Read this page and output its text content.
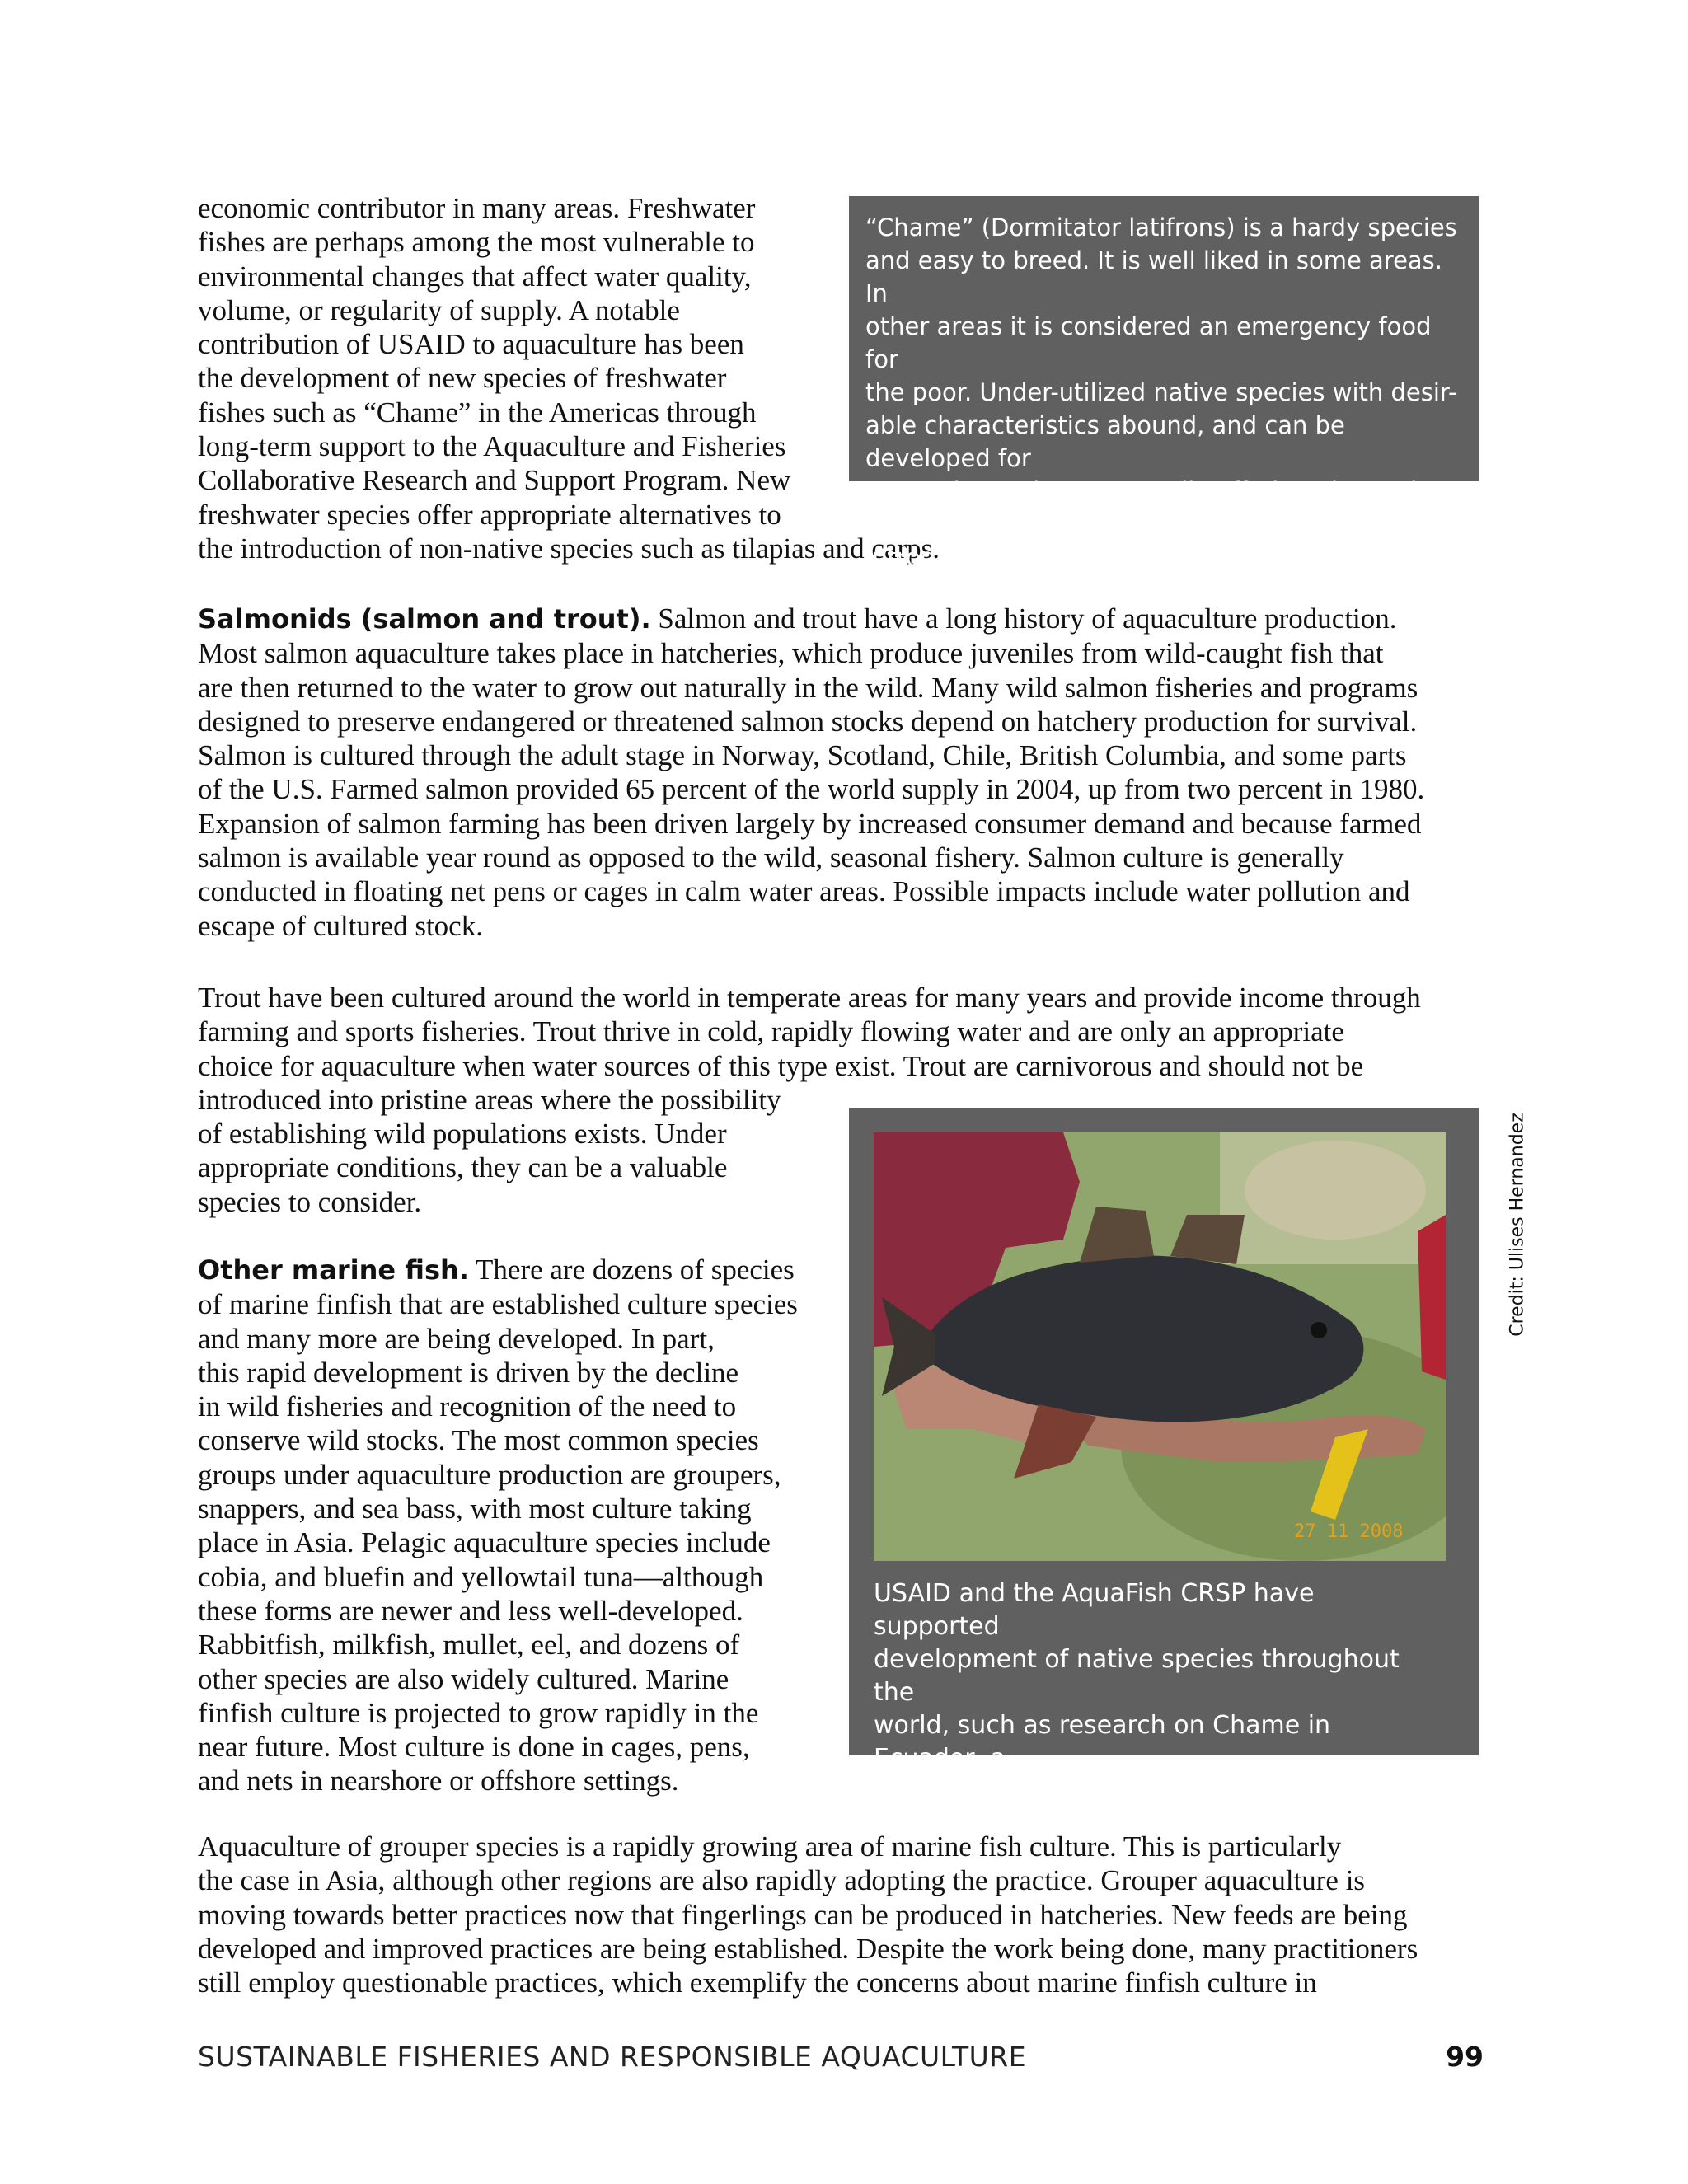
economic contributor in many areas. Freshwater

fishes are perhaps among the most vulnerable to

environmental changes that affect water quality,

volume, or regularity of supply. A notable

contribution of USAID to aquaculture has been

the development of new species of freshwater

fishes such as “Chame” in the Americas through

long-term support to the Aquaculture and Fisheries

Collaborative Research and Support Program. New

freshwater species offer appropriate alternatives to

the introduction of non-native species such as tilapias and carps.

“Chame” (Dormitator latifrons) is a hardy species

and easy to breed. It is well liked in some areas. In

other areas it is considered an emergency food for

the poor. Under-utilized native species with desir-

able characteristics abound, and can be developed for

aquaculture, thus eventually offering alternatives to

introduction of non-native species.

Salmonids (salmon and trout). Salmon and trout have a long history of aquaculture production.

Most salmon aquaculture takes place in hatcheries, which produce juveniles from wild-caught fish that

are then returned to the water to grow out naturally in the wild. Many wild salmon fisheries and programs

designed to preserve endangered or threatened salmon stocks depend on hatchery production for survival.

Salmon is cultured through the adult stage in Norway, Scotland, Chile, British Columbia, and some parts

of the U.S. Farmed salmon provided 65 percent of the world supply in 2004, up from two percent in 1980.

Expansion of salmon farming has been driven largely by increased consumer demand and because farmed

salmon is available year round as opposed to the wild, seasonal fishery. Salmon culture is generally

conducted in floating net pens or cages in calm water areas. Possible impacts include water pollution and

escape of cultured stock.

Trout have been cultured around the world in temperate areas for many years and provide income through

farming and sports fisheries. Trout thrive in cold, rapidly flowing water and are only an appropriate

choice for aquaculture when water sources of this type exist. Trout are carnivorous and should not be

introduced into pristine areas where the possibility

of establishing wild populations exists. Under

appropriate conditions, they can be a valuable

species to consider.

Other marine fish. There are dozens of species

of marine finfish that are established culture species

and many more are being developed. In part,

this rapid development is driven by the decline

in wild fisheries and recognition of the need to

conserve wild stocks. The most common species

groups under aquaculture production are groupers,

snappers, and sea bass, with most culture taking

place in Asia. Pelagic aquaculture species include

cobia, and bluefin and yellowtail tuna—although

these forms are newer and less well-developed.

Rabbitfish, milkfish, mullet, eel, and dozens of

other species are also widely cultured. Marine

finfish culture is projected to grow rapidly in the

near future. Most culture is done in cages, pens,

and nets in nearshore or offshore settings.

27 11 2008

USAID and the AquaFish CRSP have supported

development of native species throughout the

world, such as research on Chame in Ecuador, a

native fish popular in Latin America.

Credit: Ulises Hernandez

Aquaculture of grouper species is a rapidly growing area of marine fish culture. This is particularly

the case in Asia, although other regions are also rapidly adopting the practice. Grouper aquaculture is

moving towards better practices now that fingerlings can be produced in hatcheries. New feeds are being

developed and improved practices are being established. Despite the work being done, many practitioners

still employ questionable practices, which exemplify the concerns about marine finfish culture in

SUSTAINABLE FISHERIES AND RESPONSIBLE AQUACULTURE	99
